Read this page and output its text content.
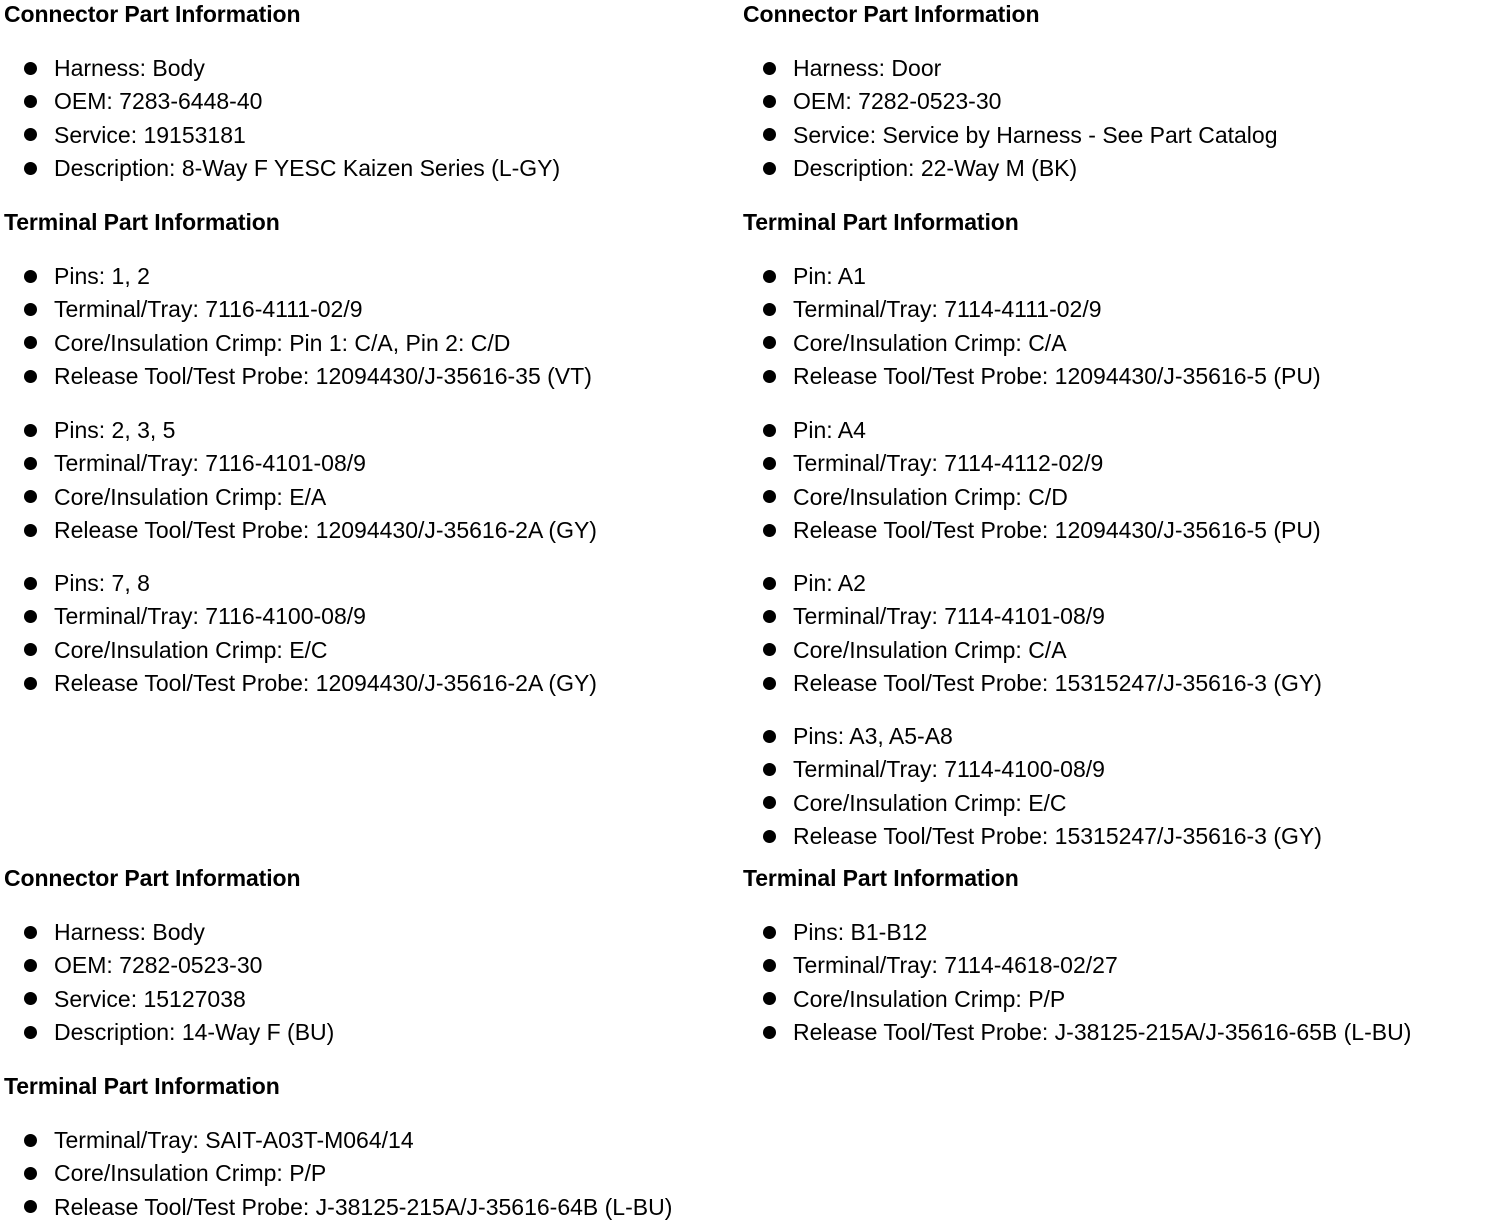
Connector Part Information
Harness: Body
OEM: 7283-6448-40
Service: 19153181
Description: 8-Way F YESC Kaizen Series (L-GY)
Terminal Part Information
Pins: 1, 2
Terminal/Tray: 7116-4111-02/9
Core/Insulation Crimp: Pin 1: C/A, Pin 2: C/D
Release Tool/Test Probe: 12094430/J-35616-35 (VT)
Pins: 2, 3, 5
Terminal/Tray: 7116-4101-08/9
Core/Insulation Crimp: E/A
Release Tool/Test Probe: 12094430/J-35616-2A (GY)
Pins: 7, 8
Terminal/Tray: 7116-4100-08/9
Core/Insulation Crimp: E/C
Release Tool/Test Probe: 12094430/J-35616-2A (GY)
Connector Part Information
Harness: Body
OEM: 7282-0523-30
Service: 15127038
Description: 14-Way F (BU)
Terminal Part Information
Terminal/Tray: SAIT-A03T-M064/14
Core/Insulation Crimp: P/P
Release Tool/Test Probe: J-38125-215A/J-35616-64B (L-BU)
Connector Part Information
Harness: Door
OEM: 7282-0523-30
Service: Service by Harness - See Part Catalog
Description: 22-Way M (BK)
Terminal Part Information
Pin: A1
Terminal/Tray: 7114-4111-02/9
Core/Insulation Crimp: C/A
Release Tool/Test Probe: 12094430/J-35616-5 (PU)
Pin: A4
Terminal/Tray: 7114-4112-02/9
Core/Insulation Crimp: C/D
Release Tool/Test Probe: 12094430/J-35616-5 (PU)
Pin: A2
Terminal/Tray: 7114-4101-08/9
Core/Insulation Crimp: C/A
Release Tool/Test Probe: 15315247/J-35616-3 (GY)
Pins: A3, A5-A8
Terminal/Tray: 7114-4100-08/9
Core/Insulation Crimp: E/C
Release Tool/Test Probe: 15315247/J-35616-3 (GY)
Terminal Part Information
Pins: B1-B12
Terminal/Tray: 7114-4618-02/27
Core/Insulation Crimp: P/P
Release Tool/Test Probe: J-38125-215A/J-35616-65B (L-BU)
